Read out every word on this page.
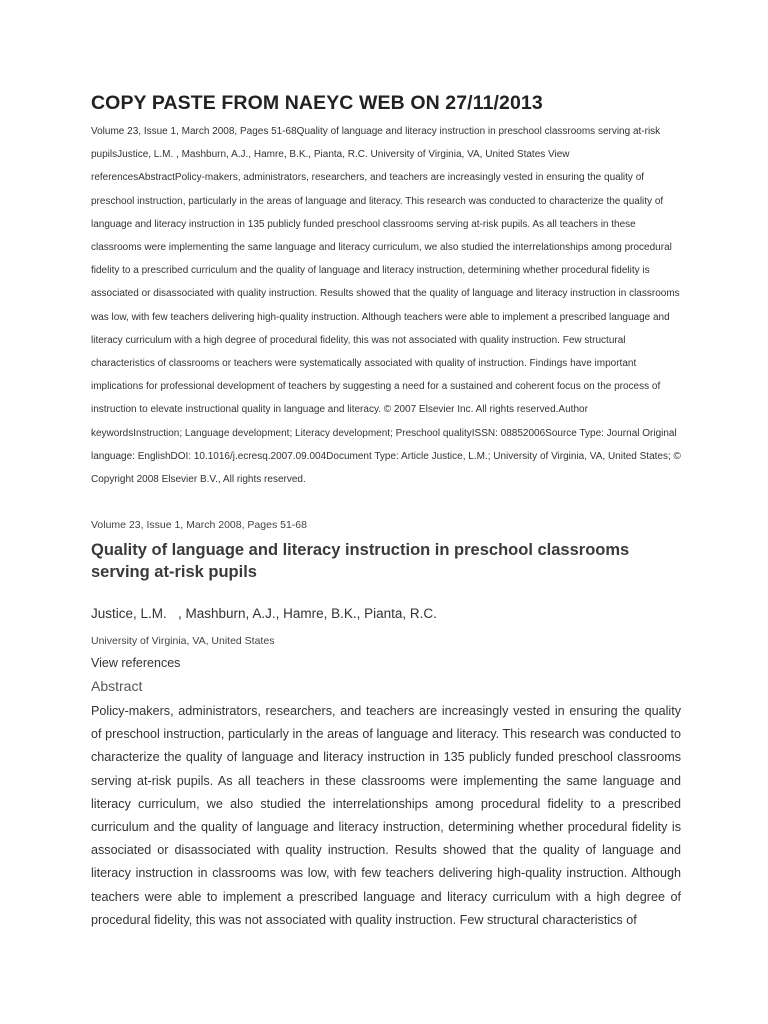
COPY PASTE FROM NAEYC WEB ON 27/11/2013

Volume 23, Issue 1, March 2008, Pages 51-68Quality of language and literacy instruction in preschool classrooms serving at-risk pupilsJustice, L.M. , Mashburn, A.J., Hamre, B.K., Pianta, R.C. University of Virginia, VA, United States View referencesAbstractPolicy-makers, administrators, researchers, and teachers are increasingly vested in ensuring the quality of preschool instruction, particularly in the areas of language and literacy. This research was conducted to characterize the quality of language and literacy instruction in 135 publicly funded preschool classrooms serving at-risk pupils. As all teachers in these classrooms were implementing the same language and literacy curriculum, we also studied the interrelationships among procedural fidelity to a prescribed curriculum and the quality of language and literacy instruction, determining whether procedural fidelity is associated or disassociated with quality instruction. Results showed that the quality of language and literacy instruction in classrooms was low, with few teachers delivering high-quality instruction. Although teachers were able to implement a prescribed language and literacy curriculum with a high degree of procedural fidelity, this was not associated with quality instruction. Few structural characteristics of classrooms or teachers were systematically associated with quality of instruction. Findings have important implications for professional development of teachers by suggesting a need for a sustained and coherent focus on the process of instruction to elevate instructional quality in language and literacy. © 2007 Elsevier Inc. All rights reserved.Author keywordsInstruction; Language development; Literacy development; Preschool qualityISSN: 08852006Source Type: Journal Original language: EnglishDOI: 10.1016/j.ecresq.2007.09.004Document Type: Article Justice, L.M.; University of Virginia, VA, United States; © Copyright 2008 Elsevier B.V., All rights reserved.

Volume 23, Issue 1, March 2008, Pages 51-68

Quality of language and literacy instruction in preschool classrooms serving at-risk pupils

Justice, L.M.   , Mashburn, A.J., Hamre, B.K., Pianta, R.C.

University of Virginia, VA, United States

View references

Abstract

Policy-makers, administrators, researchers, and teachers are increasingly vested in ensuring the quality of preschool instruction, particularly in the areas of language and literacy. This research was conducted to characterize the quality of language and literacy instruction in 135 publicly funded preschool classrooms serving at-risk pupils. As all teachers in these classrooms were implementing the same language and literacy curriculum, we also studied the interrelationships among procedural fidelity to a prescribed curriculum and the quality of language and literacy instruction, determining whether procedural fidelity is associated or disassociated with quality instruction. Results showed that the quality of language and literacy instruction in classrooms was low, with few teachers delivering high-quality instruction. Although teachers were able to implement a prescribed language and literacy curriculum with a high degree of procedural fidelity, this was not associated with quality instruction. Few structural characteristics of
